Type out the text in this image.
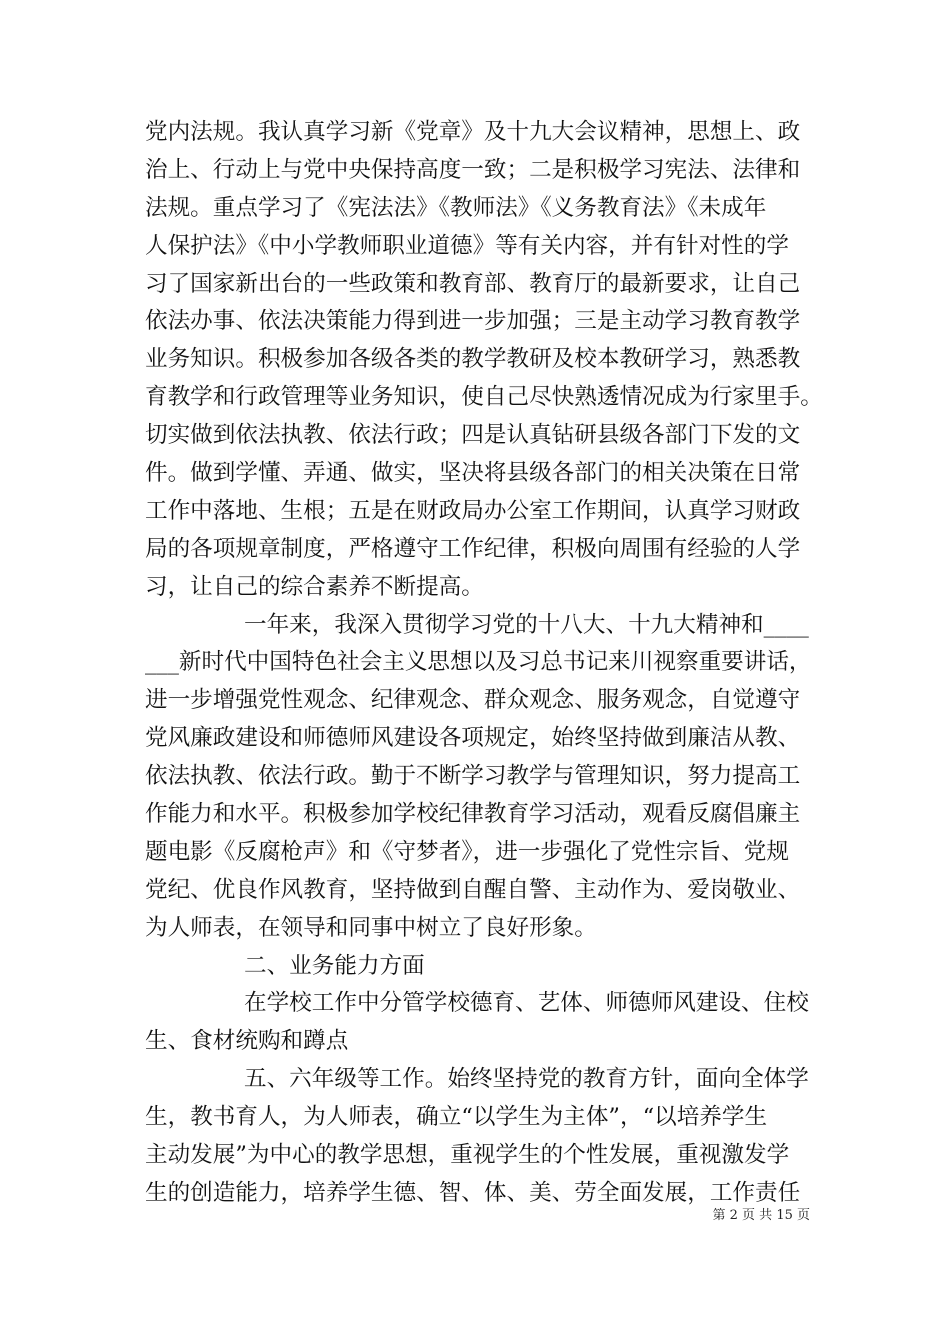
党内法规。我认真学习新《党章》及十九大会议精神，思想上、政
治上、行动上与党中央保持高度一致；二是积极学习宪法、法律和
法规。重点学习了《宪法法》《教师法》《义务教育法》《未成年
人保护法》《中小学教师职业道德》等有关内容，并有针对性的学
习了国家新出台的一些政策和教育部、教育厅的最新要求，让自己
依法办事、依法决策能力得到进一步加强；三是主动学习教育教学
业务知识。积极参加各级各类的教学教研及校本教研学习，熟悉教
育教学和行政管理等业务知识，使自己尽快熟透情况成为行家里手。
切实做到依法执教、依法行政；四是认真钻研县级各部门下发的文
件。做到学懂、弄通、做实，坚决将县级各部门的相关决策在日常
工作中落地、生根；五是在财政局办公室工作期间，认真学习财政
局的各项规章制度，严格遵守工作纪律，积极向周围有经验的人学
习，让自己的综合素养不断提高。
一年来，我深入贯彻学习党的十八大、十九大精神和____
___新时代中国特色社会主义思想以及习总书记来川视察重要讲话，
进一步增强党性观念、纪律观念、群众观念、服务观念，自觉遵守
党风廉政建设和师德师风建设各项规定，始终坚持做到廉洁从教、
依法执教、依法行政。勤于不断学习教学与管理知识，努力提高工
作能力和水平。积极参加学校纪律教育学习活动，观看反腐倡廉主
题电影《反腐枪声》和《守梦者》，进一步强化了党性宗旨、党规
党纪、优良作风教育，坚持做到自醒自警、主动作为、爱岗敬业、
为人师表，在领导和同事中树立了良好形象。
二、业务能力方面
在学校工作中分管学校德育、艺体、师德师风建设、住校
生、食材统购和蹲点
五、六年级等工作。始终坚持党的教育方针，面向全体学
生，教书育人，为人师表，确立“以学生为主体”，“以培养学生
主动发展”为中心的教学思想，重视学生的个性发展，重视激发学
生的创造能力，培养学生德、智、体、美、劳全面发展，工作责任
第 2 页 共 15 页
